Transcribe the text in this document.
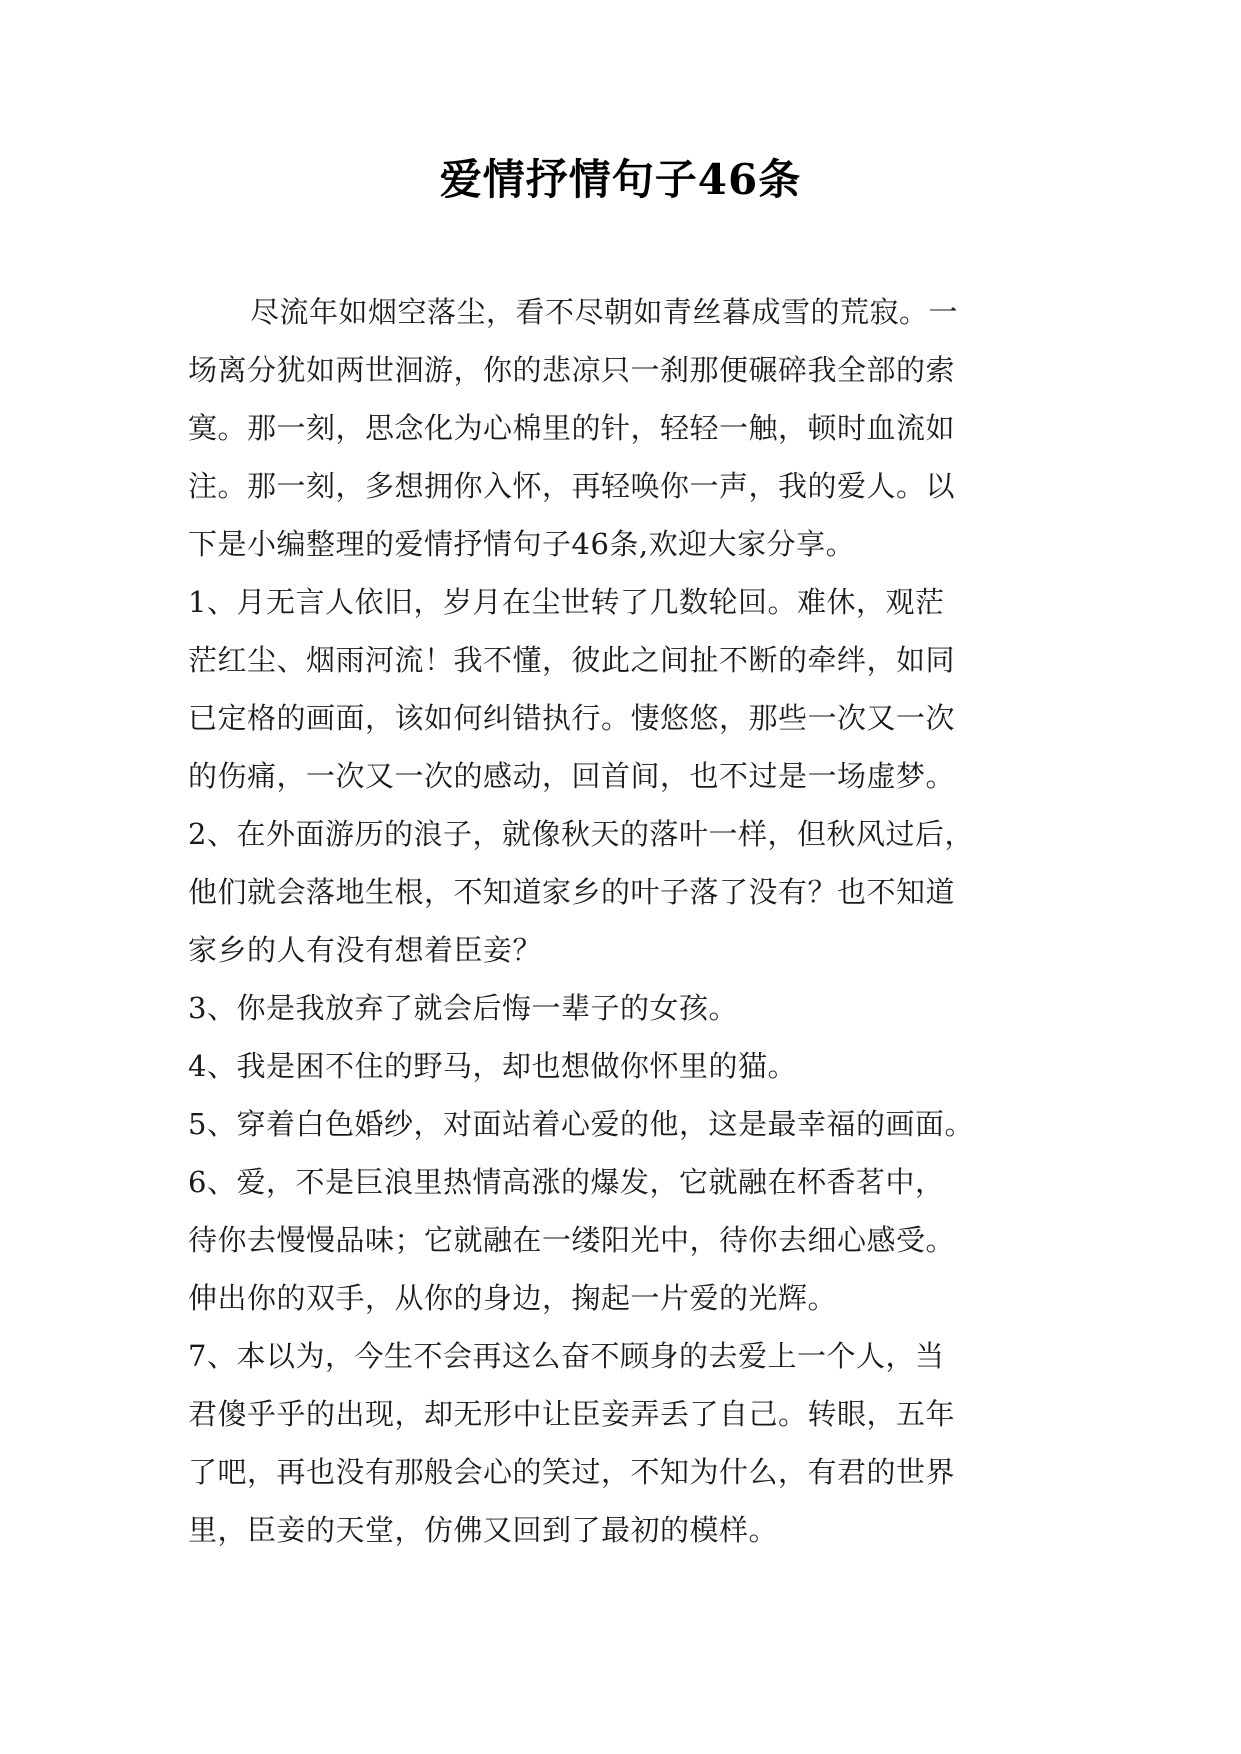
爱情抒情句子46条
尽流年如烟空落尘，看不尽朝如青丝暮成雪的荒寂。一
场离分犹如两世洄游，你的悲凉只一刹那便碾碎我全部的索
寞。那一刻，思念化为心棉里的针，轻轻一触，顿时血流如
注。那一刻，多想拥你入怀，再轻唤你一声，我的爱人。以
下是小编整理的爱情抒情句子46条,欢迎大家分享。
1、月无言人依旧，岁月在尘世转了几数轮回。难休，观茫
茫红尘、烟雨河流！我不懂，彼此之间扯不断的牵绊，如同
已定格的画面，该如何纠错执行。悽悠悠，那些一次又一次
的伤痛，一次又一次的感动，回首间，也不过是一场虚梦。
2、在外面游历的浪子，就像秋天的落叶一样，但秋风过后，
他们就会落地生根，不知道家乡的叶子落了没有？也不知道
家乡的人有没有想着臣妾？
3、你是我放弃了就会后悔一辈子的女孩。
4、我是困不住的野马，却也想做你怀里的猫。
5、穿着白色婚纱，对面站着心爱的他，这是最幸福的画面。
6、爱，不是巨浪里热情高涨的爆发，它就融在杯香茗中，
待你去慢慢品味；它就融在一缕阳光中，待你去细心感受。
伸出你的双手，从你的身边，掬起一片爱的光辉。
7、本以为，今生不会再这么奋不顾身的去爱上一个人，当
君傻乎乎的出现，却无形中让臣妾弄丢了自己。转眼，五年
了吧，再也没有那般会心的笑过，不知为什么，有君的世界
里，臣妾的天堂，仿佛又回到了最初的模样。
